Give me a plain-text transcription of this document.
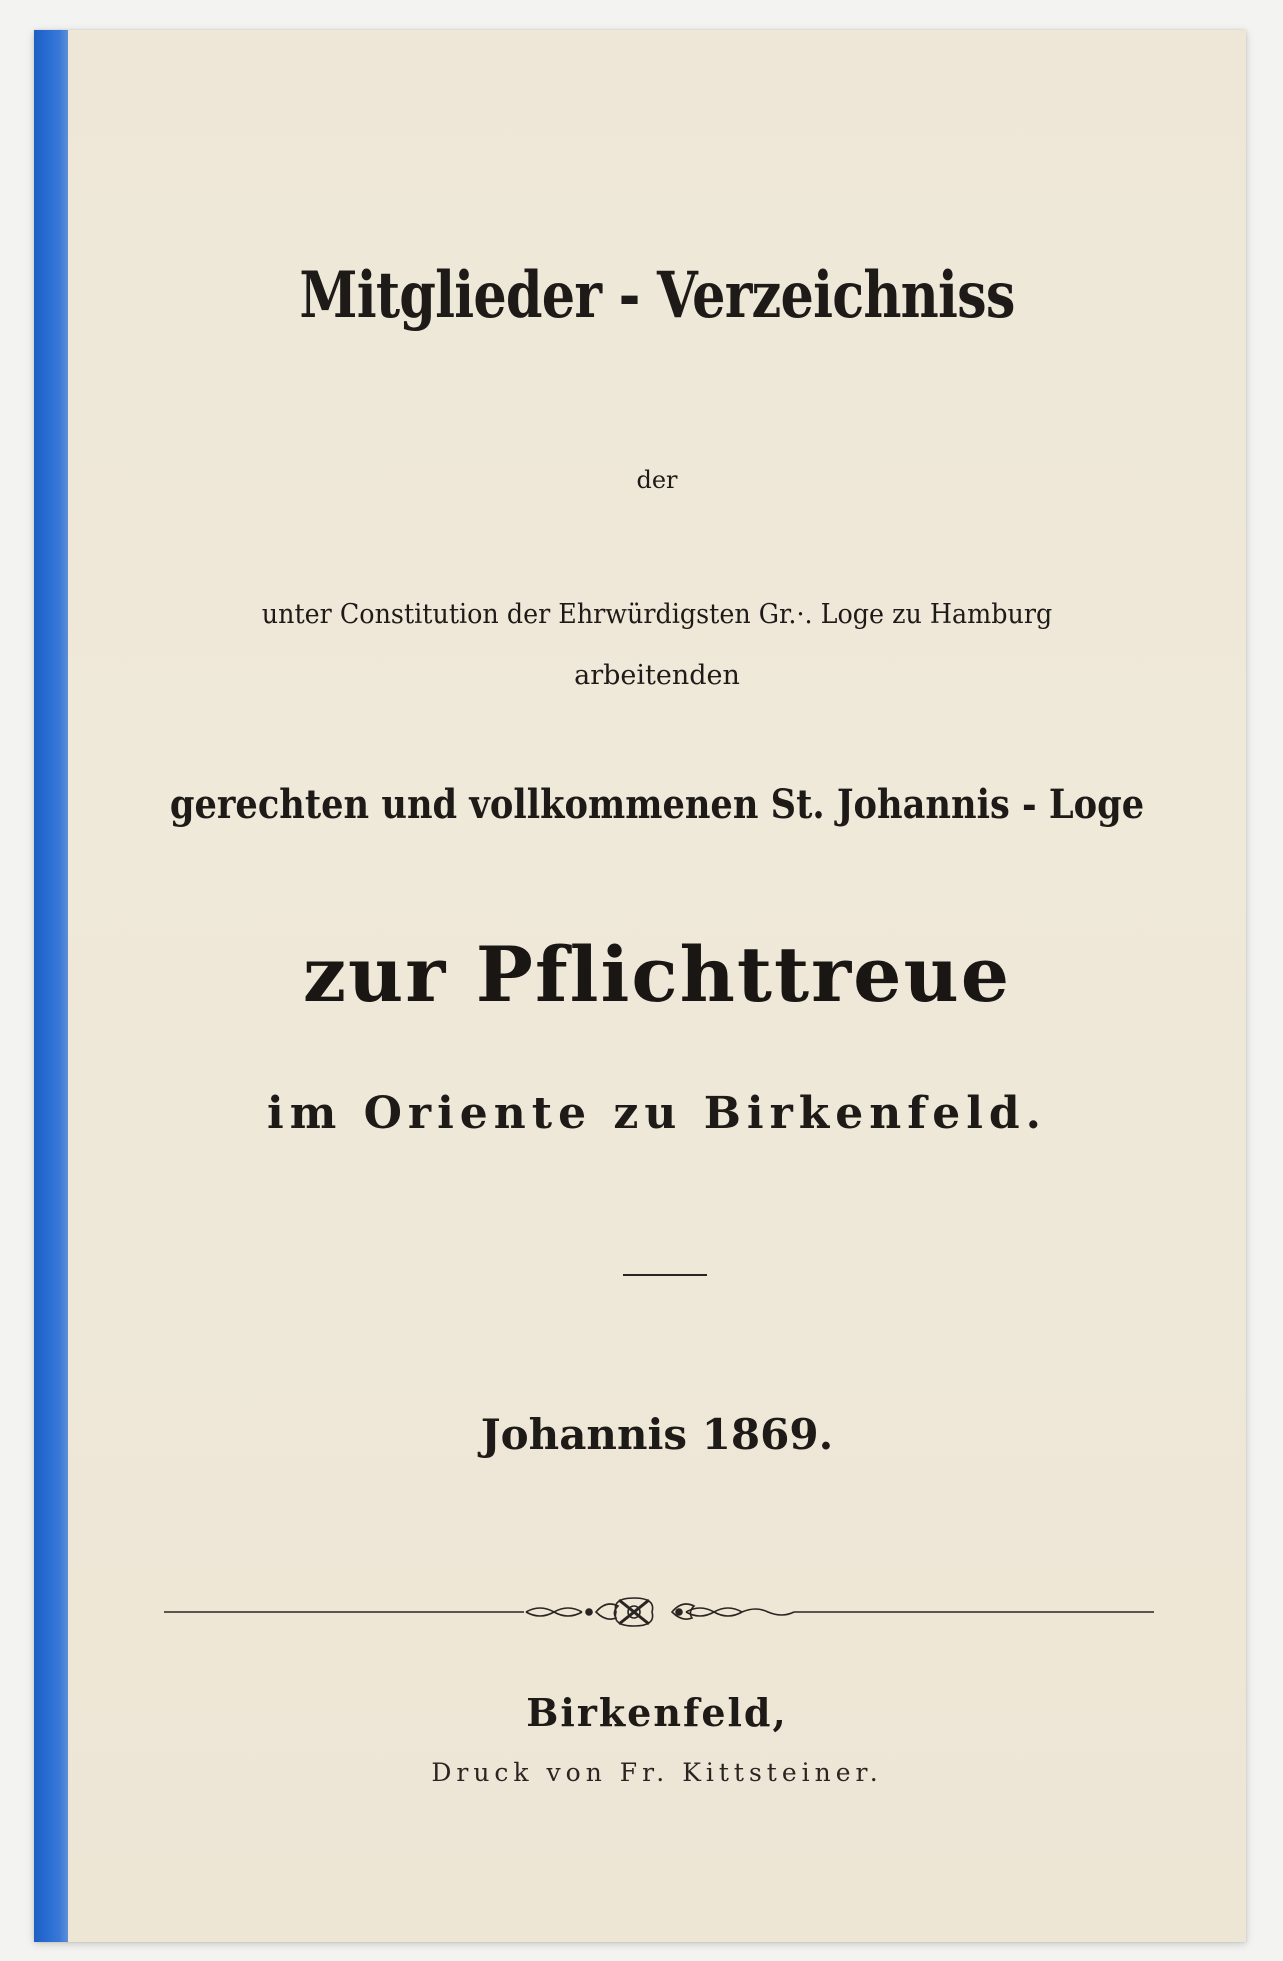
Mitglieder - Verzeichniss
der
unter Constitution der Ehrwürdigsten Gr.·. Loge zu Hamburg
arbeitenden
gerechten und vollkommenen St. Johannis - Loge
zur Pflichttreue
im Oriente zu Birkenfeld.
Johannis 1869.
Birkenfeld,
Druck von Fr. Kittsteiner.
